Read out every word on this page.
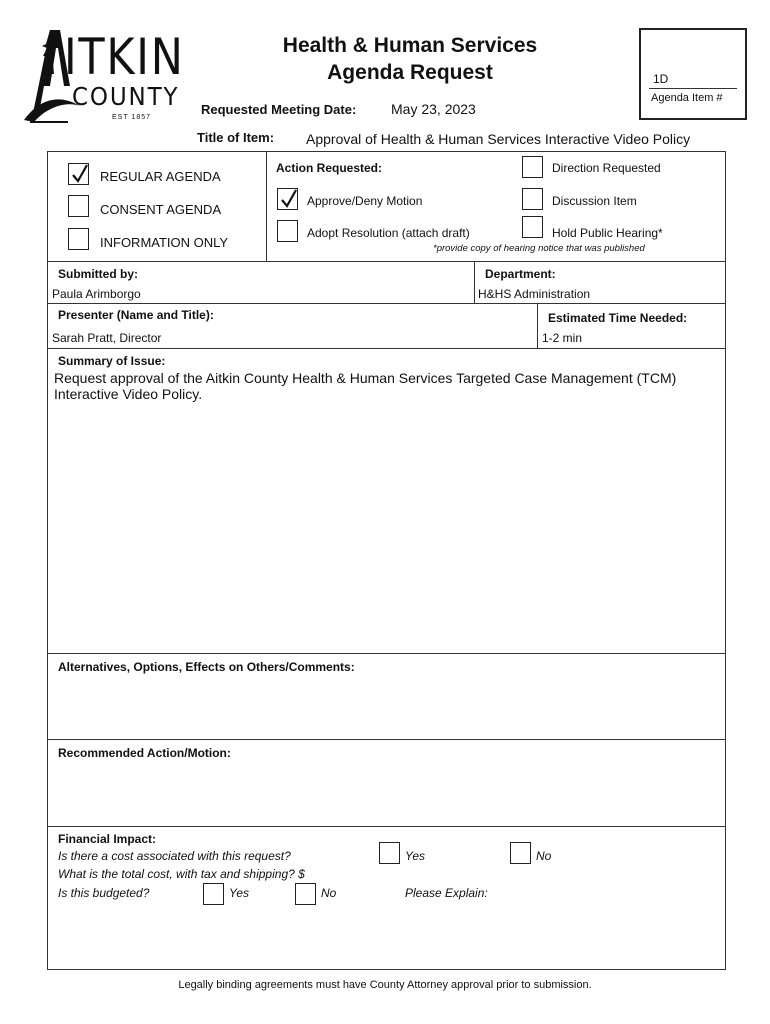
ITKIN
COUNTY
EST 1857
Health & Human Services
Agenda Request
Requested Meeting Date: May 23, 2023
Title of Item: Approval of Health & Human Services Interactive Video Policy
1D
Agenda Item #
REGULAR AGENDA
CONSENT AGENDA
INFORMATION ONLY
Action Requested:
Approve/Deny Motion
Adopt Resolution (attach draft)
Direction Requested
Discussion Item
Hold Public Hearing*
*provide copy of hearing notice that was published
Submitted by:
Paula Arimborgo
Department:
H&HS Administration
Presenter (Name and Title):
Sarah Pratt, Director
Estimated Time Needed:
1-2 min
Summary of Issue:
Request approval of the Aitkin County Health & Human Services Targeted Case Management (TCM) Interactive Video Policy.
Alternatives, Options, Effects on Others/Comments:
Recommended Action/Motion:
Financial Impact:
Is there a cost associated with this request?	Yes	No
What is the total cost, with tax and shipping? $
Is this budgeted?	Yes	No	Please Explain:
Legally binding agreements must have County Attorney approval prior to submission.
